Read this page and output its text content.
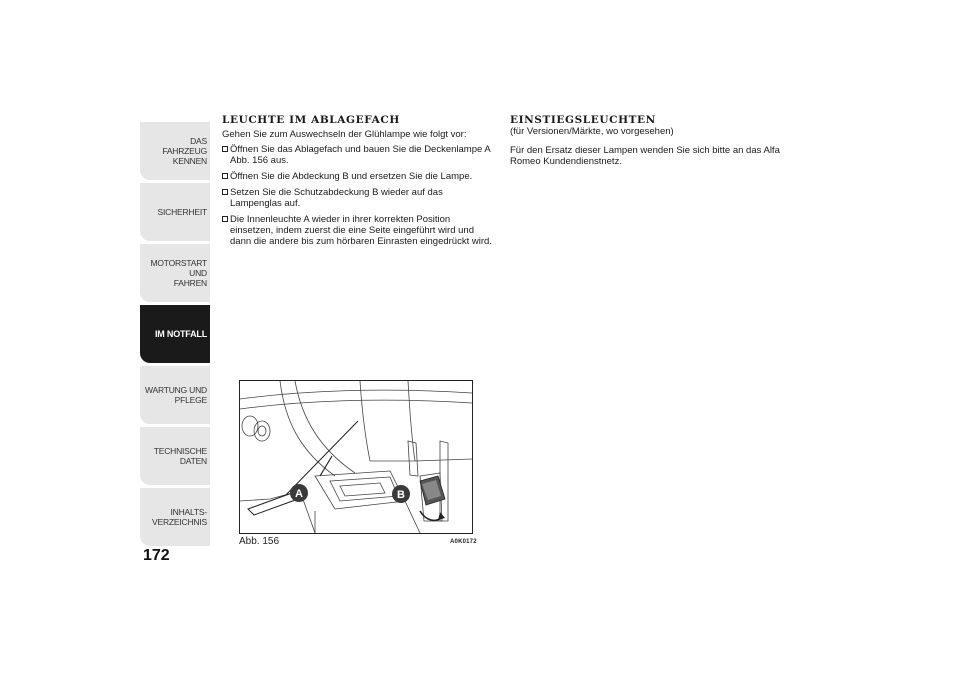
DAS FAHRZEUG
KENNEN
SICHERHEIT
MOTORSTART UND
FAHREN
IM NOTFALL
WARTUNG UND
PFLEGE
TECHNISCHE DATEN
INHALTS-
VERZEICHNIS
172
LEUCHTE IM ABLAGEFACH
Gehen Sie zum Auswechseln der Glühlampe wie folgt vor:
Öffnen Sie das Ablagefach und bauen Sie die Deckenlampe A Abb. 156 aus.
Öffnen Sie die Abdeckung B und ersetzen Sie die Lampe.
Setzen Sie die Schutzabdeckung B wieder auf das Lampenglas auf.
Die Innenleuchte A wieder in ihrer korrekten Position einsetzen, indem zuerst die eine Seite eingeführt wird und dann die andere bis zum hörbaren Einrasten eingedrückt wird.
EINSTIEGSLEUCHTEN
(für Versionen/Märkte, wo vorgesehen)
Für den Ersatz dieser Lampen wenden Sie sich bitte an das Alfa Romeo Kundendienstnetz.
A	B
Abb. 156	A0K0172
